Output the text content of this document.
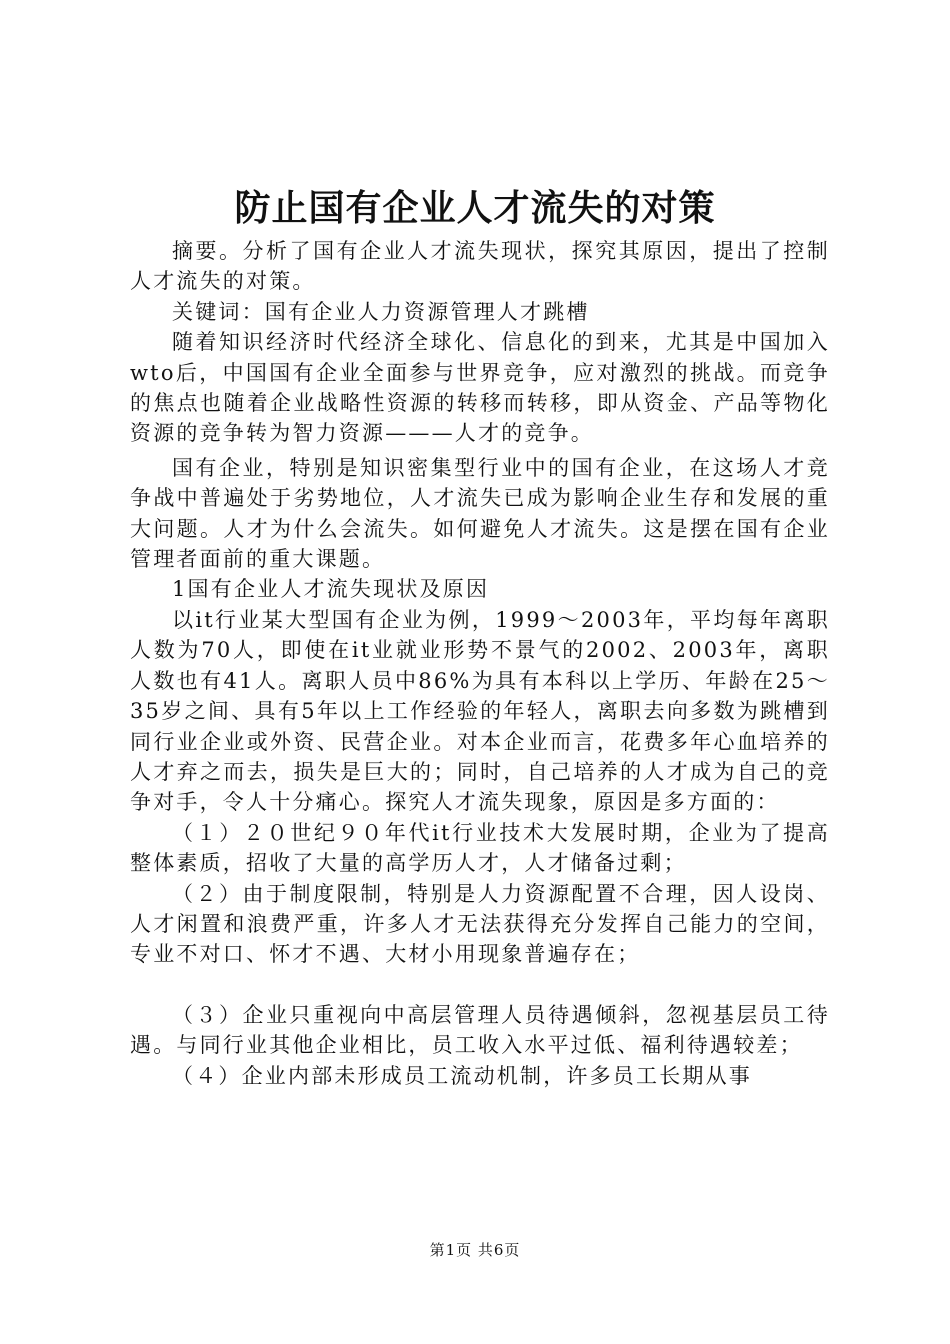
防止国有企业人才流失的对策

摘要。分析了国有企业人才流失现状，探究其原因，提出了控制人才流失的对策。

关键词：国有企业人力资源管理人才跳槽

随着知识经济时代经济全球化、信息化的到来，尤其是中国加入wto后，中国国有企业全面参与世界竞争，应对激烈的挑战。而竞争的焦点也随着企业战略性资源的转移而转移，即从资金、产品等物化资源的竞争转为智力资源———人才的竞争。

国有企业，特别是知识密集型行业中的国有企业，在这场人才竞争战中普遍处于劣势地位，人才流失已成为影响企业生存和发展的重大问题。人才为什么会流失。如何避免人才流失。这是摆在国有企业管理者面前的重大课题。

1国有企业人才流失现状及原因

以it行业某大型国有企业为例，1999～2003年，平均每年离职人数为70人，即使在it业就业形势不景气的2002、2003年，离职人数也有41人。离职人员中86%为具有本科以上学历、年龄在25～35岁之间、具有5年以上工作经验的年轻人，离职去向多数为跳槽到同行业企业或外资、民营企业。对本企业而言，花费多年心血培养的人才弃之而去，损失是巨大的；同时，自己培养的人才成为自己的竞争对手，令人十分痛心。探究人才流失现象，原因是多方面的：

（１）２０世纪９０年代it行业技术大发展时期，企业为了提高整体素质，招收了大量的高学历人才，人才储备过剩；

（２）由于制度限制，特别是人力资源配置不合理，因人设岗、人才闲置和浪费严重，许多人才无法获得充分发挥自己能力的空间，专业不对口、怀才不遇、大材小用现象普遍存在；

（３）企业只重视向中高层管理人员待遇倾斜，忽视基层员工待遇。与同行业其他企业相比，员工收入水平过低、福利待遇较差；

（４）企业内部未形成员工流动机制，许多员工长期从事

第1页 共6页
